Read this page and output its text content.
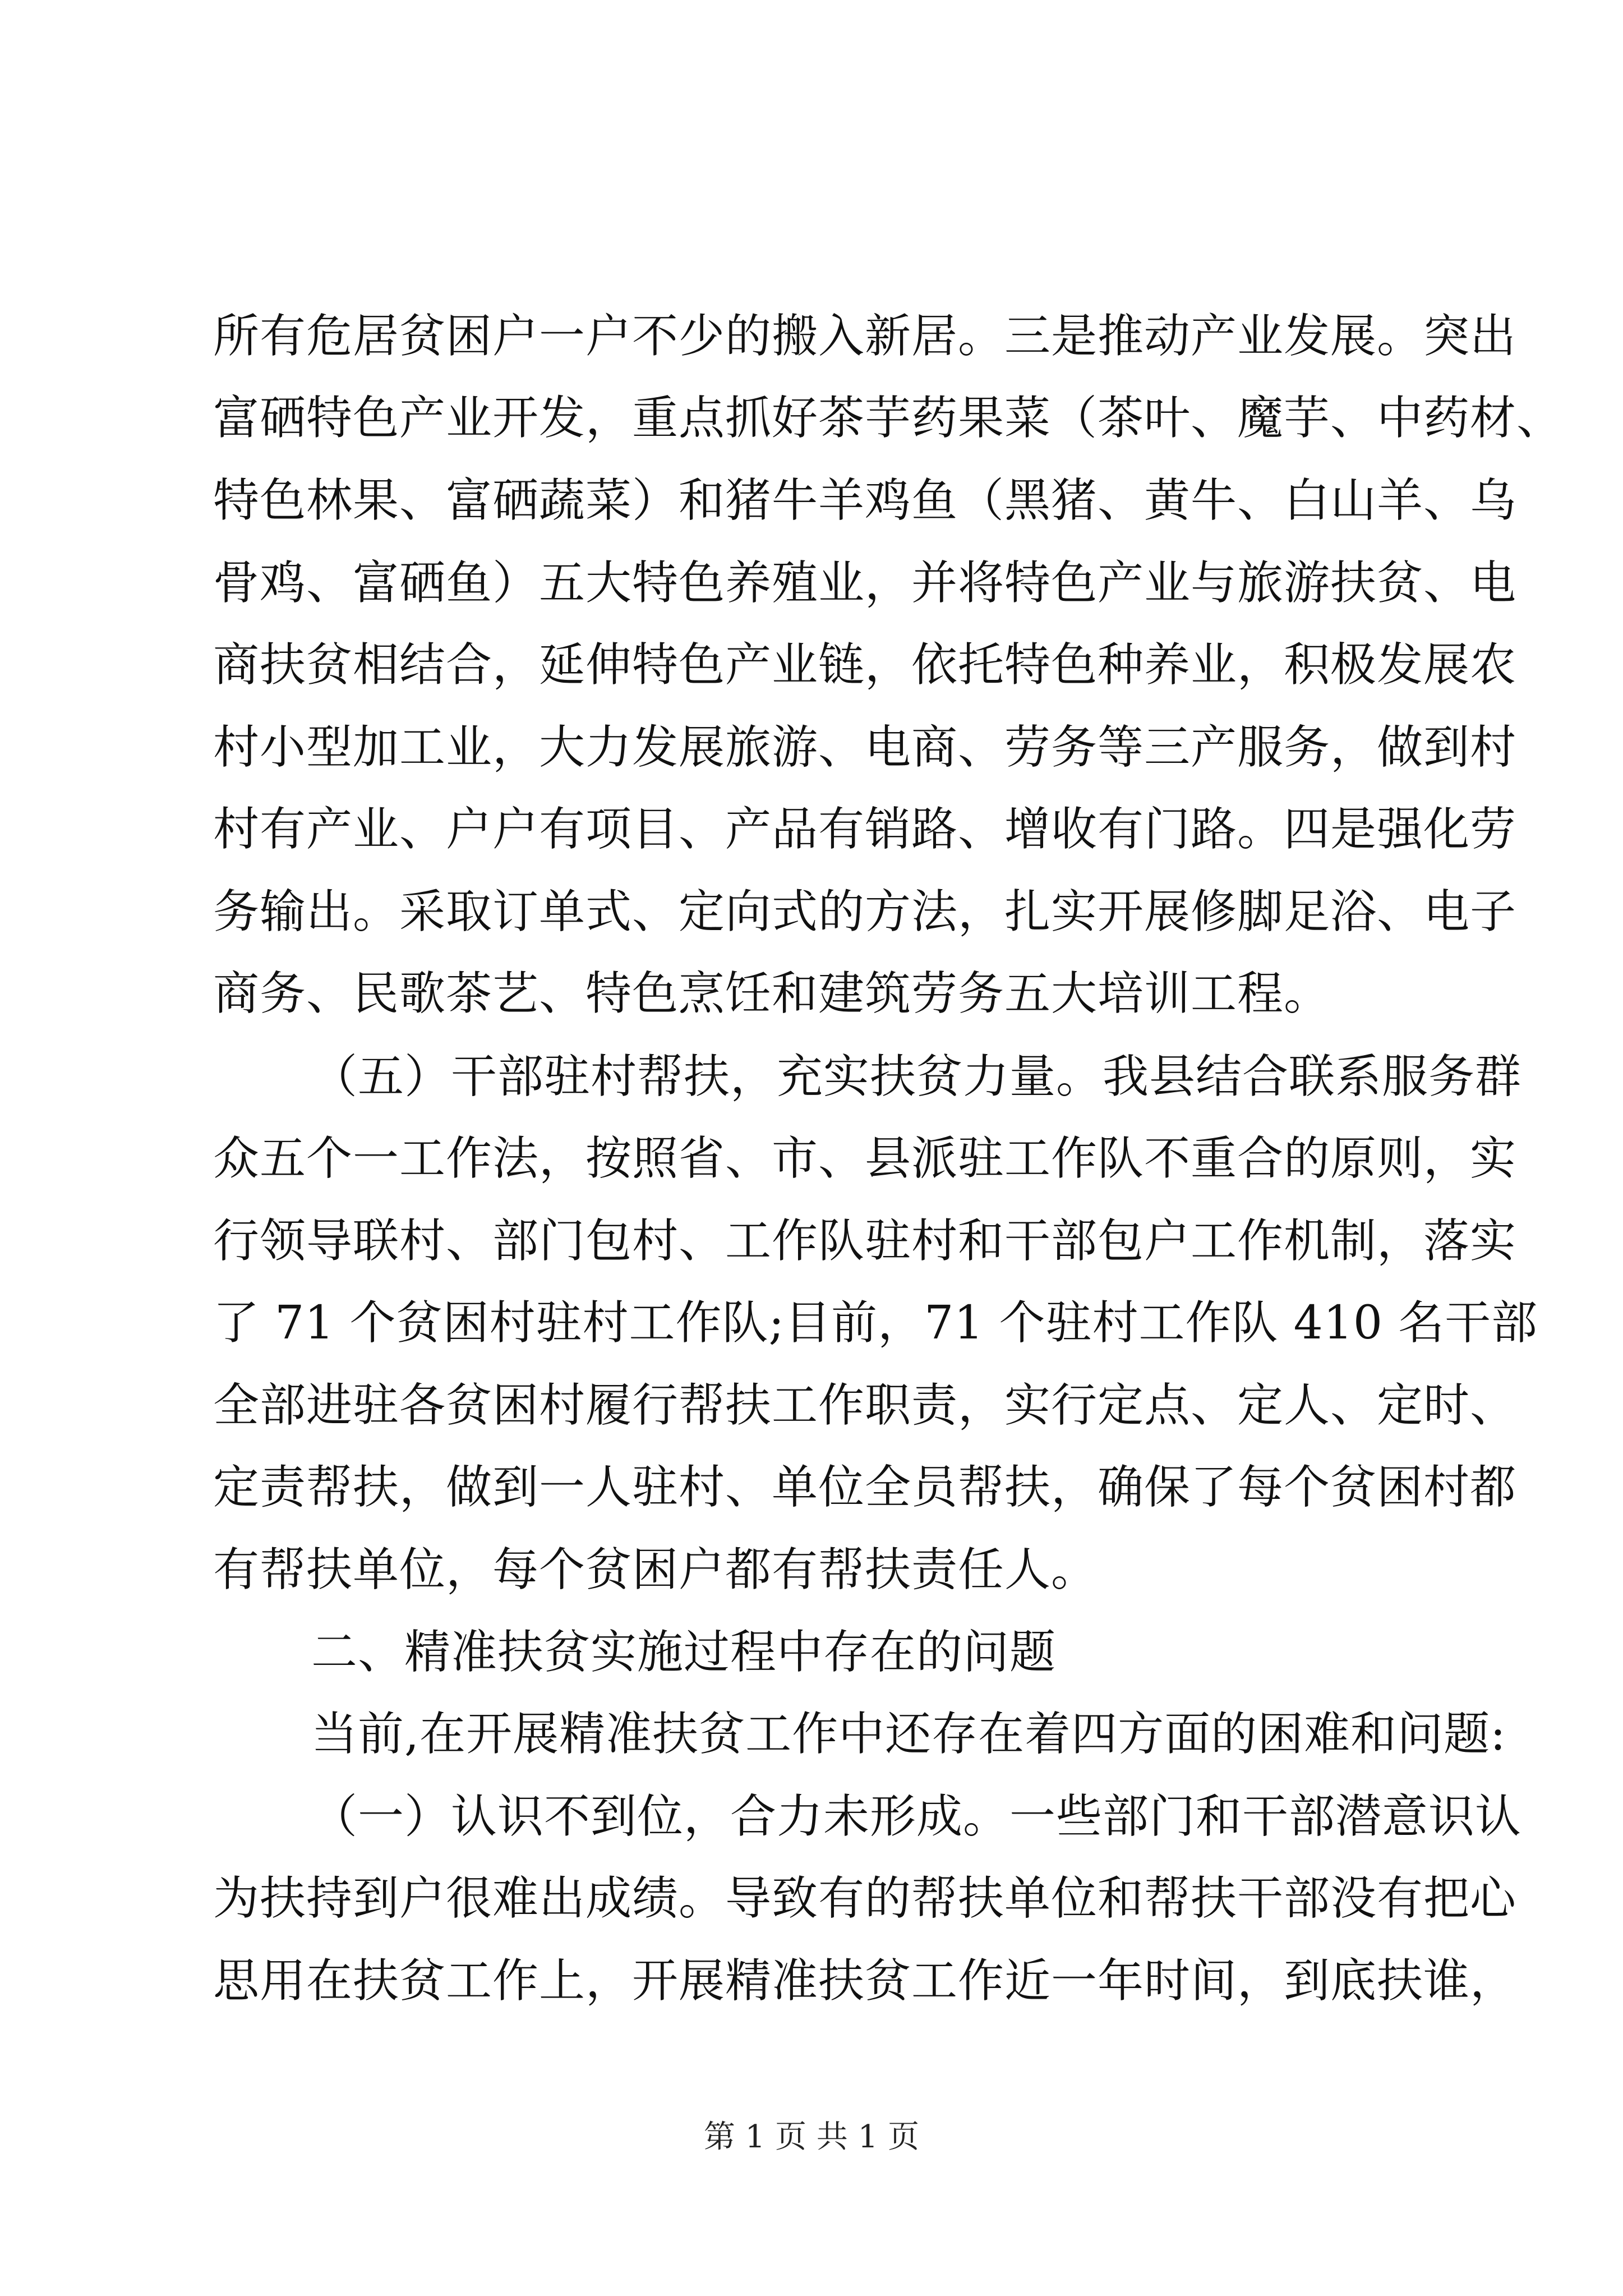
所有危居贫困户一户不少的搬入新居。三是推动产业发展。突出
富硒特色产业开发，重点抓好茶芋药果菜（茶叶、魔芋、中药材、
特色林果、富硒蔬菜）和猪牛羊鸡鱼（黑猪、黄牛、白山羊、乌
骨鸡、富硒鱼）五大特色养殖业，并将特色产业与旅游扶贫、电
商扶贫相结合，延伸特色产业链，依托特色种养业，积极发展农
村小型加工业，大力发展旅游、电商、劳务等三产服务，做到村
村有产业、户户有项目、产品有销路、增收有门路。四是强化劳
务输出。采取订单式、定向式的方法，扎实开展修脚足浴、电子
商务、民歌茶艺、特色烹饪和建筑劳务五大培训工程。
（五）干部驻村帮扶，充实扶贫力量。我县结合联系服务群
众五个一工作法，按照省、市、县派驻工作队不重合的原则，实
行领导联村、部门包村、工作队驻村和干部包户工作机制，落实
了 71 个贫困村驻村工作队;目前，71 个驻村工作队 410 名干部
全部进驻各贫困村履行帮扶工作职责，实行定点、定人、定时、
定责帮扶，做到一人驻村、单位全员帮扶，确保了每个贫困村都
有帮扶单位，每个贫困户都有帮扶责任人。
二、精准扶贫实施过程中存在的问题
当前,在开展精准扶贫工作中还存在着四方面的困难和问题:
（一）认识不到位，合力未形成。一些部门和干部潜意识认
为扶持到户很难出成绩。导致有的帮扶单位和帮扶干部没有把心
思用在扶贫工作上，开展精准扶贫工作近一年时间，到底扶谁，
第 1 页 共 1 页
